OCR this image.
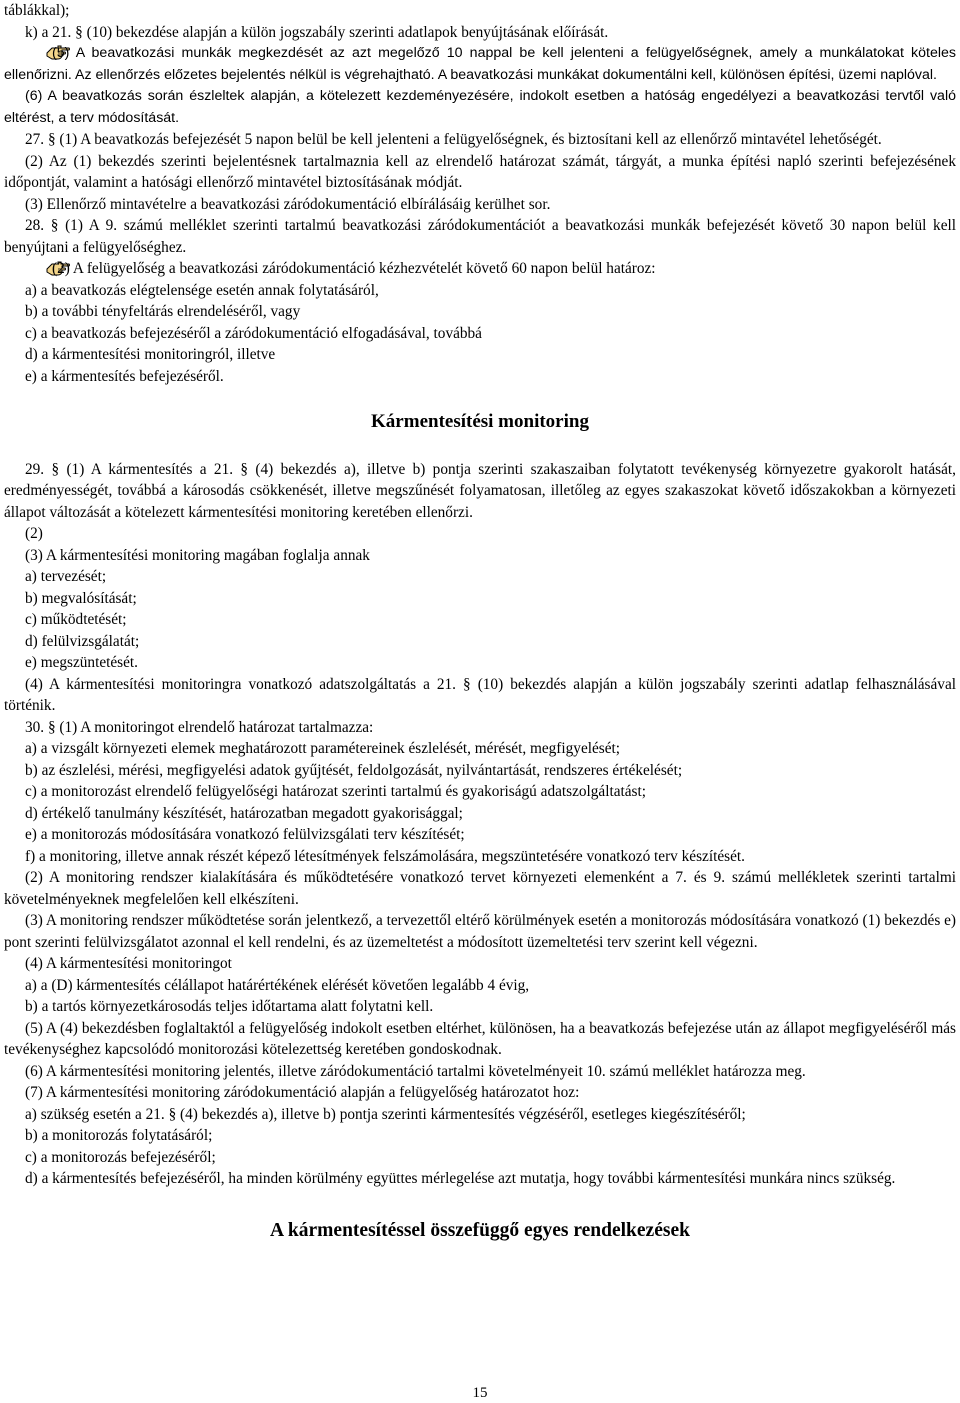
táblákkal);

k) a 21. § (10) bekezdése alapján a külön jogszabály szerinti adatlapok benyújtásának előírását.

(5) A beavatkozási munkák megkezdését az azt megelőző 10 nappal be kell jelenteni a felügyelőségnek, amely a munkálatokat köteles ellenőrizni. Az ellenőrzés előzetes bejelentés nélkül is végrehajtható. A beavatkozási munkákat dokumentálni kell, különösen építési, üzemi naplóval.

(6) A beavatkozás során észleltek alapján, a kötelezett kezdeményezésére, indokolt esetben a hatóság engedélyezi a beavatkozási tervtől való eltérést, a terv módosítását.

27. § (1) A beavatkozás befejezését 5 napon belül be kell jelenteni a felügyelőségnek, és biztosítani kell az ellenőrző mintavétel lehetőségét.

(2) Az (1) bekezdés szerinti bejelentésnek tartalmaznia kell az elrendelő határozat számát, tárgyát, a munka építési napló szerinti befejezésének időpontját, valamint a hatósági ellenőrző mintavétel biztosításának módját.

(3) Ellenőrző mintavételre a beavatkozási záródokumentáció elbírálásáig kerülhet sor.

28. § (1) A 9. számú melléklet szerinti tartalmú beavatkozási záródokumentációt a beavatkozási munkák befejezését követő 30 napon belül kell benyújtani a felügyelőséghez.

(2) A felügyelőség a beavatkozási záródokumentáció kézhezvételét követő 60 napon belül határoz:

a) a beavatkozás elégtelensége esetén annak folytatásáról,

b) a további tényfeltárás elrendeléséről, vagy

c) a beavatkozás befejezéséről a záródokumentáció elfogadásával, továbbá

d) a kármentesítési monitoringról, illetve

e) a kármentesítés befejezéséről.

Kármentesítési monitoring

29. § (1) A kármentesítés a 21. § (4) bekezdés a), illetve b) pontja szerinti szakaszaiban folytatott tevékenység környezetre gyakorolt hatását, eredményességét, továbbá a károsodás csökkenését, illetve megszűnését folyamatosan, illetőleg az egyes szakaszokat követő időszakokban a környezeti állapot változását a kötelezett kármentesítési monitoring keretében ellenőrzi.

(2)

(3) A kármentesítési monitoring magában foglalja annak

a) tervezését;

b) megvalósítását;

c) működtetését;

d) felülvizsgálatát;

e) megszüntetését.

(4) A kármentesítési monitoringra vonatkozó adatszolgáltatás a 21. § (10) bekezdés alapján a külön jogszabály szerinti adatlap felhasználásával történik.

30. § (1) A monitoringot elrendelő határozat tartalmazza:

a) a vizsgált környezeti elemek meghatározott paramétereinek észlelését, mérését, megfigyelését;

b) az észlelési, mérési, megfigyelési adatok gyűjtését, feldolgozását, nyilvántartását, rendszeres értékelését;

c) a monitorozást elrendelő felügyelőségi határozat szerinti tartalmú és gyakoriságú adatszolgáltatást;

d) értékelő tanulmány készítését, határozatban megadott gyakorisággal;

e) a monitorozás módosítására vonatkozó felülvizsgálati terv készítését;

f) a monitoring, illetve annak részét képező létesítmények felszámolására, megszüntetésére vonatkozó terv készítését.

(2) A monitoring rendszer kialakítására és működtetésére vonatkozó tervet környezeti elemenként a 7. és 9. számú mellékletek szerinti tartalmi követelményeknek megfelelően kell elkészíteni.

(3) A monitoring rendszer működtetése során jelentkező, a tervezettől eltérő körülmények esetén a monitorozás módosítására vonatkozó (1) bekezdés e) pont szerinti felülvizsgálatot azonnal el kell rendelni, és az üzemeltetést a módosított üzemeltetési terv szerint kell végezni.

(4) A kármentesítési monitoringot

a) a (D) kármentesítés célállapot határértékének elérését követően legalább 4 évig,

b) a tartós környezetkárosodás teljes időtartama alatt folytatni kell.

(5) A (4) bekezdésben foglaltaktól a felügyelőség indokolt esetben eltérhet, különösen, ha a beavatkozás befejezése után az állapot megfigyeléséről más tevékenységhez kapcsolódó monitorozási kötelezettség keretében gondoskodnak.

(6) A kármentesítési monitoring jelentés, illetve záródokumentáció tartalmi követelményeit 10. számú melléklet határozza meg.

(7) A kármentesítési monitoring záródokumentáció alapján a felügyelőség határozatot hoz:

a) szükség esetén a 21. § (4) bekezdés a), illetve b) pontja szerinti kármentesítés végzéséről, esetleges kiegészítéséről;

b) a monitorozás folytatásáról;

c) a monitorozás befejezéséről;

d) a kármentesítés befejezéséről, ha minden körülmény együttes mérlegelése azt mutatja, hogy további kármentesítési munkára nincs szükség.

A kármentesítéssel összefüggő egyes rendelkezések

15
